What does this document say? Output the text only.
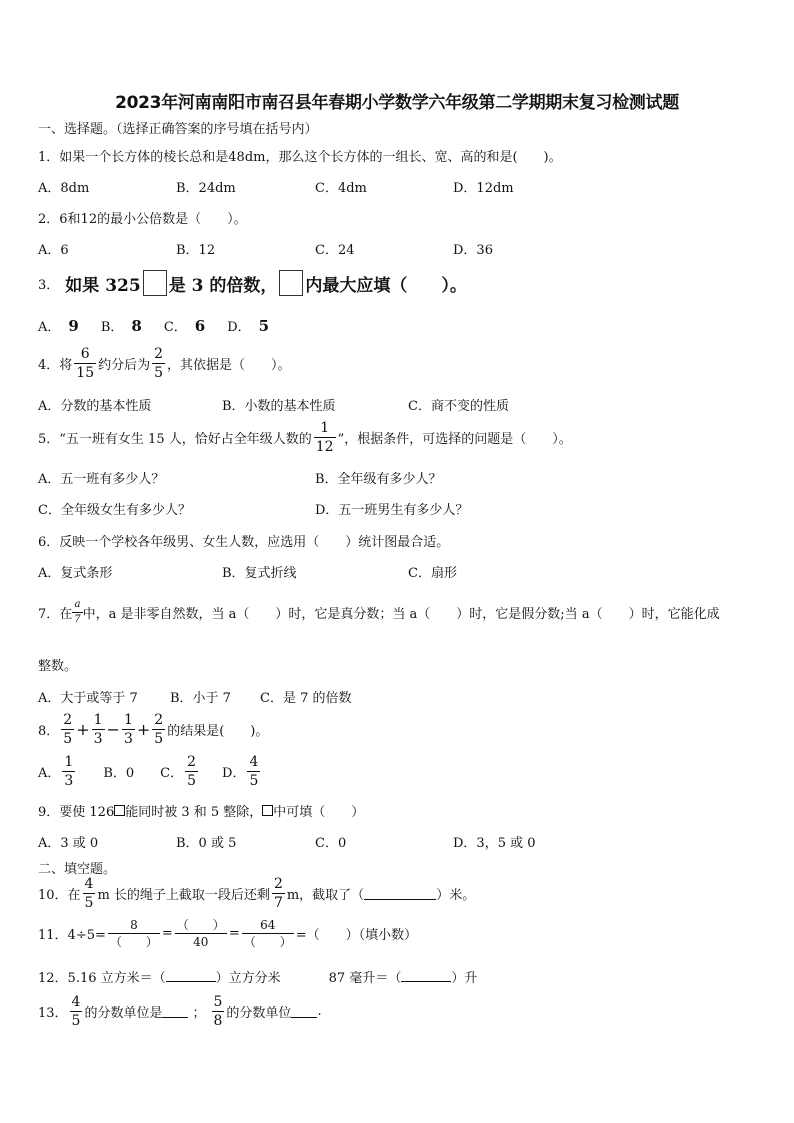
2023年河南南阳市南召县年春期小学数学六年级第二学期期末复习检测试题
一、选择题。（选择正确答案的序号填在括号内）
1．如果一个长方体的棱长总和是48dm，那么这个长方体的一组长、宽、高的和是(　　)。
A．8dm	B．24dm	C．4dm	D．12dm
2．6和12的最小公倍数是（　　）。
A．6	B．12	C．24	D．36
3． 如果 325 是 3 的倍数， 内最大应填（　　）。
A． 9 B． 8 C． 6 D． 5
4．将 $\frac{6}{15}$ 约分后为 $\frac{2}{5}$ ，其依据是（　　）。
A．分数的基本性质	B．小数的基本性质	C．商不变的性质
5．“五一班有女生 15 人，恰好占全年级人数的 $\frac{1}{12}$ ”，根据条件，可选择的问题是（　　）。
A．五一班有多少人？	B．全年级有多少人？
C．全年级女生有多少人？	D．五一班男生有多少人？
6．反映一个学校各年级男、女生人数，应选用（　　）统计图最合适。
A．复式条形	B．复式折线	C．扇形
7．在 $\frac{a}{7}$ 中，a 是非零自然数，当 a（　　）时，它是真分数；当 a（　　）时，它是假分数;当 a（　　）时，它能化成
整数。
A．大于或等于 7 B．小于 7 C．是 7 的倍数
8． $\frac{2}{5} + \frac{1}{3} - \frac{1}{3} + \frac{2}{5}$ 的结果是(　　)。
A． $\frac{1}{3}$ B．0 C． $\frac{2}{5}$ D． $\frac{4}{5}$
9．要使 126 能同时被 3 和 5 整除， 中可填（　　）
A．3 或 0	B．0 或 5	C．0	D．3，5 或 0
二、填空题。
10．在 $\frac{4}{5}$ m 长的绳子上截取一段后还剩 $\frac{2}{7}$ m，截取了（	）米。
11．$4\div 5= \frac{8}{( )} = \frac{( )}{40} = \frac{64}{( )}$ =（　　）（填小数）
12．5.16 立方米＝（	）立方分米	87 毫升＝（	）升
13． $\frac{4}{5}$ 的分数单位是 ； $\frac{5}{8}$ 的分数单位 .
